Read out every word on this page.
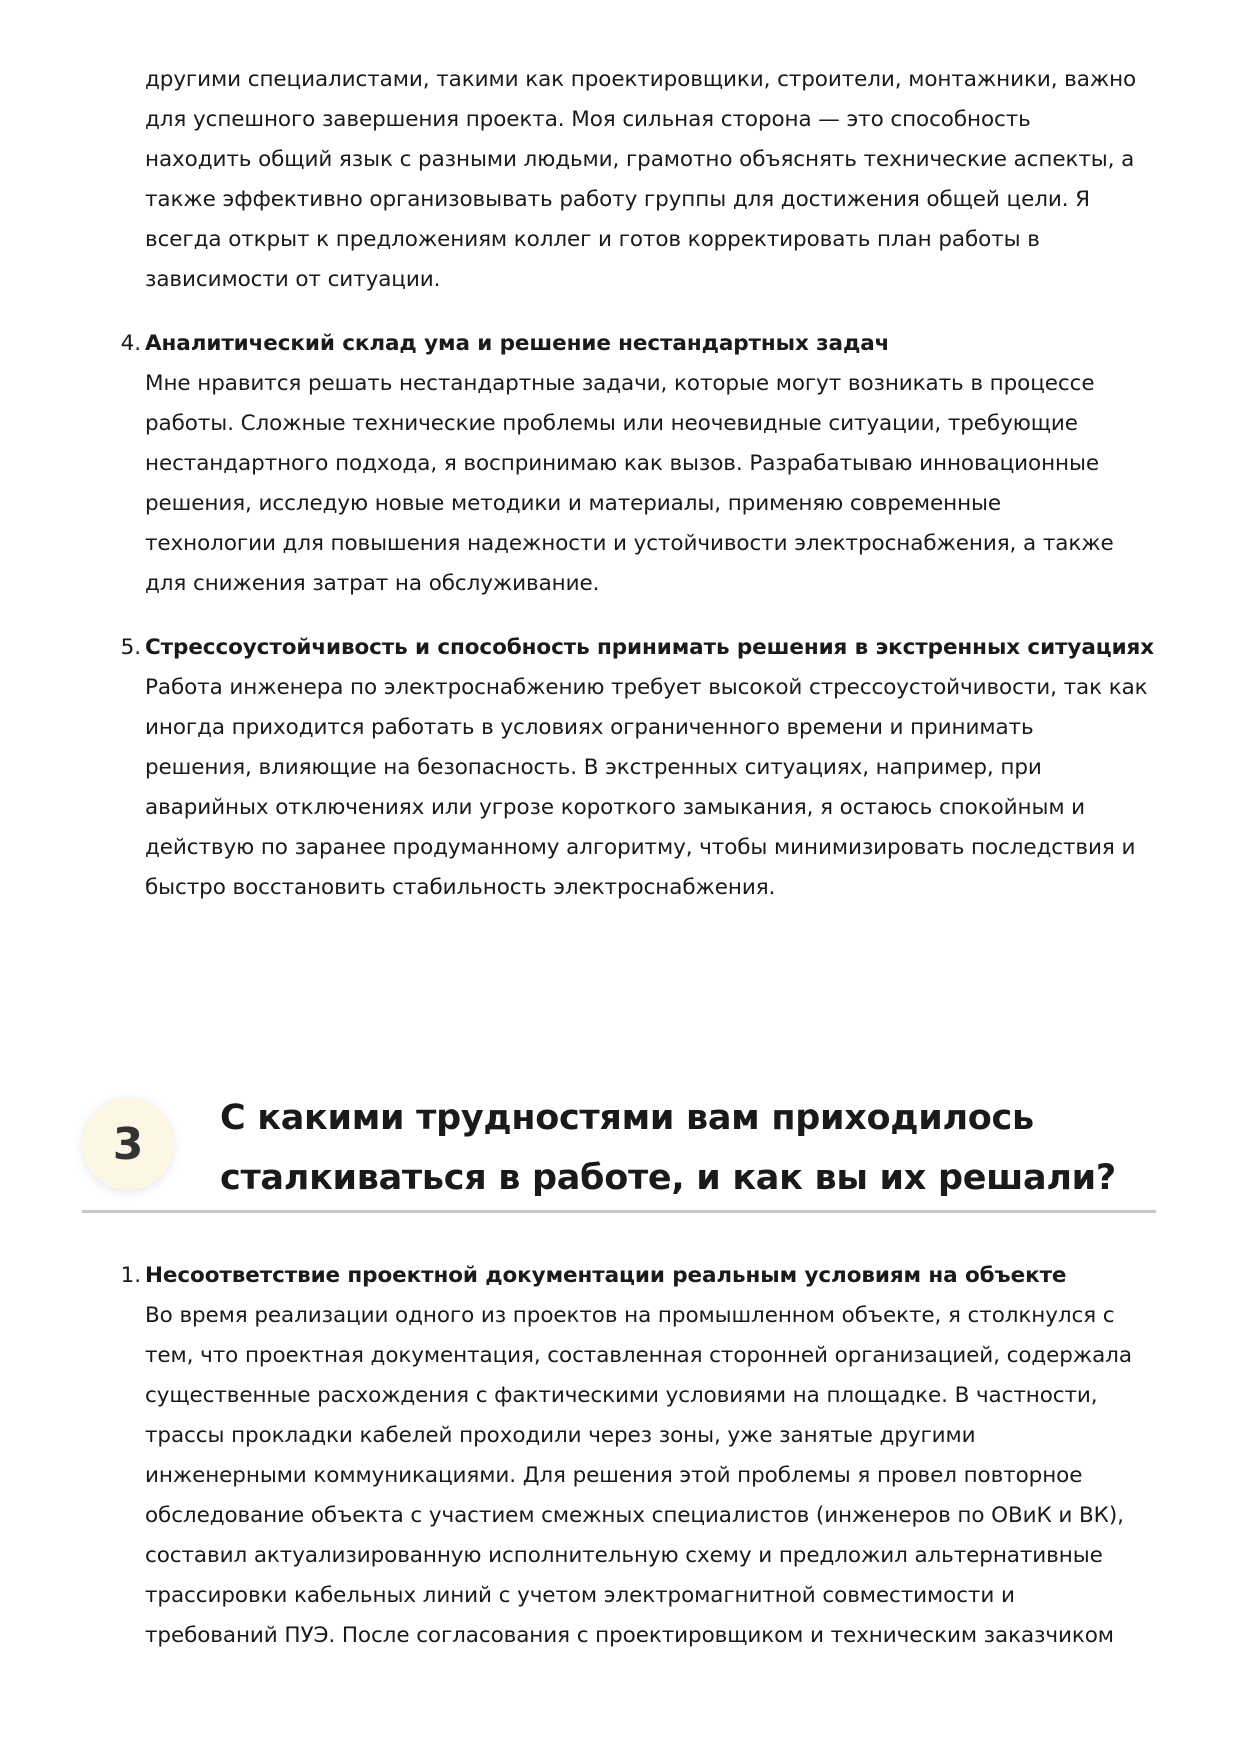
другими специалистами, такими как проектировщики, строители, монтажники, важно
для успешного завершения проекта. Моя сильная сторона — это способность
находить общий язык с разными людьми, грамотно объяснять технические аспекты, а
также эффективно организовывать работу группы для достижения общей цели. Я
всегда открыт к предложениям коллег и готов корректировать план работы в
зависимости от ситуации.
4. Аналитический склад ума и решение нестандартных задач
Мне нравится решать нестандартные задачи, которые могут возникать в процессе
работы. Сложные технические проблемы или неочевидные ситуации, требующие
нестандартного подхода, я воспринимаю как вызов. Разрабатываю инновационные
решения, исследую новые методики и материалы, применяю современные
технологии для повышения надежности и устойчивости электроснабжения, а также
для снижения затрат на обслуживание.
5. Стрессоустойчивость и способность принимать решения в экстренных ситуациях
Работа инженера по электроснабжению требует высокой стрессоустойчивости, так как
иногда приходится работать в условиях ограниченного времени и принимать
решения, влияющие на безопасность. В экстренных ситуациях, например, при
аварийных отключениях или угрозе короткого замыкания, я остаюсь спокойным и
действую по заранее продуманному алгоритму, чтобы минимизировать последствия и
быстро восстановить стабильность электроснабжения.
3
С какими трудностями вам приходилось
сталкиваться в работе, и как вы их решали?
1. Несоответствие проектной документации реальным условиям на объекте
Во время реализации одного из проектов на промышленном объекте, я столкнулся с
тем, что проектная документация, составленная сторонней организацией, содержала
существенные расхождения с фактическими условиями на площадке. В частности,
трассы прокладки кабелей проходили через зоны, уже занятые другими
инженерными коммуникациями. Для решения этой проблемы я провел повторное
обследование объекта с участием смежных специалистов (инженеров по ОВиК и ВК),
составил актуализированную исполнительную схему и предложил альтернативные
трассировки кабельных линий с учетом электромагнитной совместимости и
требований ПУЭ. После согласования с проектировщиком и техническим заказчиком
